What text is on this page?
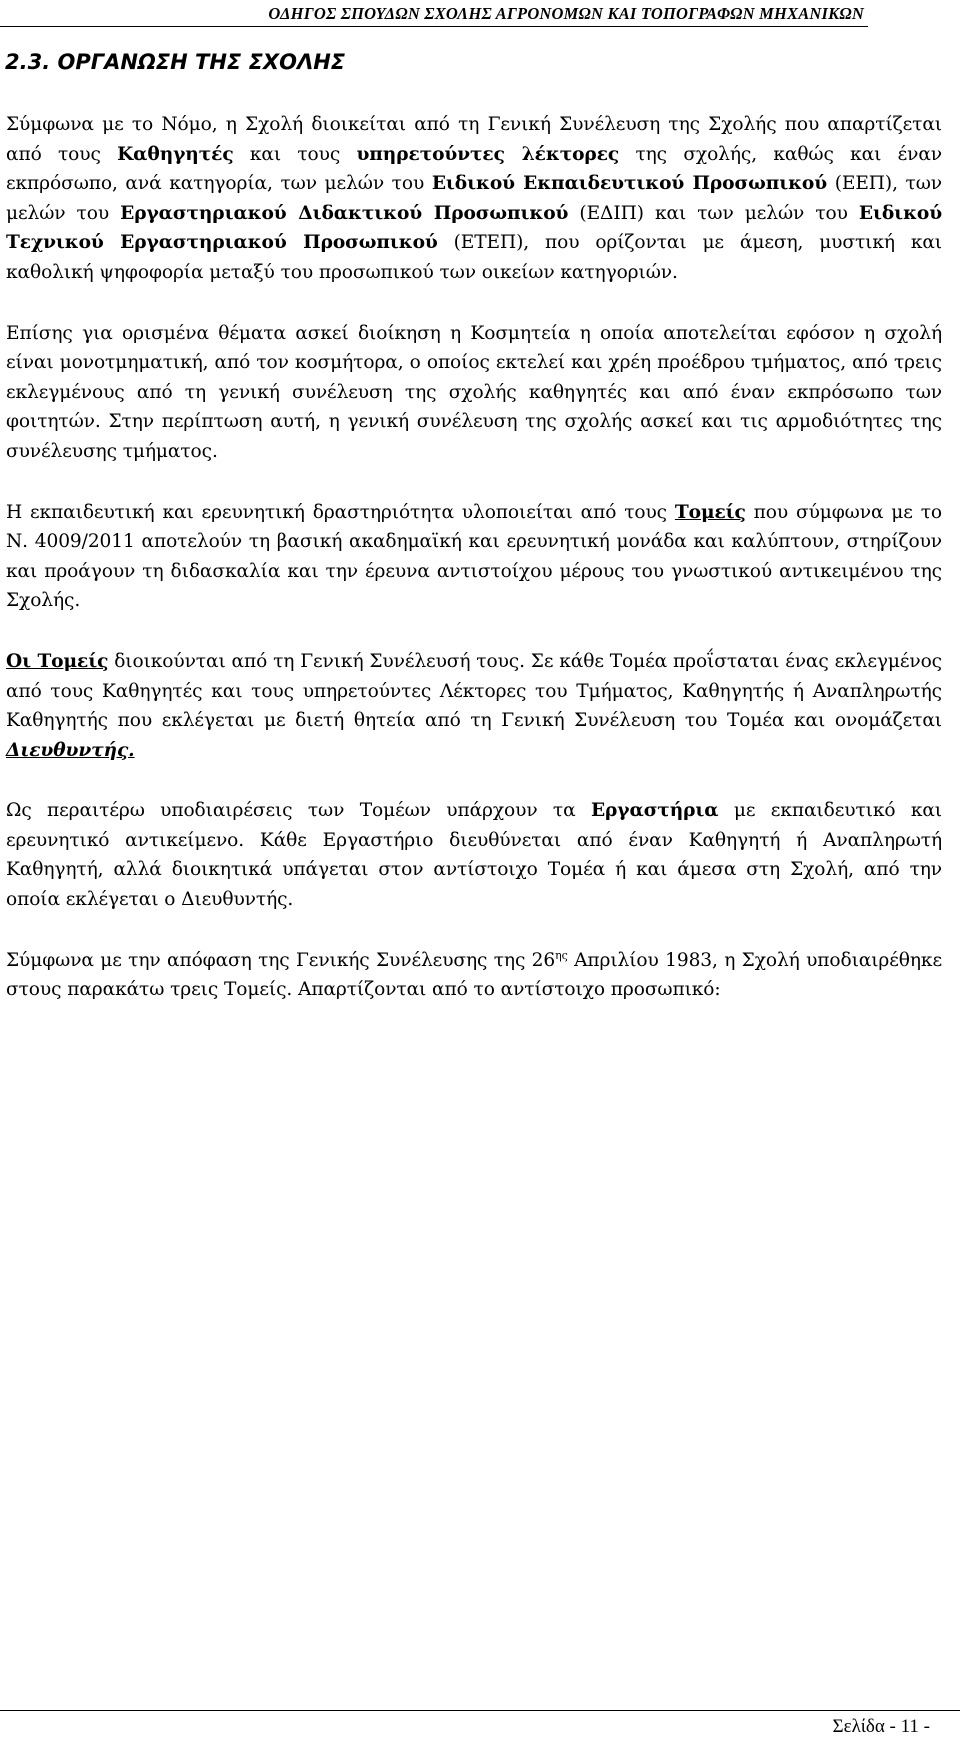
ΟΔΗΓΟΣ ΣΠΟΥΔΩΝ ΣΧΟΛΗΣ ΑΓΡΟΝΟΜΩΝ ΚΑΙ ΤΟΠΟΓΡΑΦΩΝ ΜΗΧΑΝΙΚΩΝ
2.3. ΟΡΓΑΝΩΣΗ ΤΗΣ ΣΧΟΛΗΣ

Σύμφωνα με το Νόμο, η Σχολή διοικείται από τη Γενική Συνέλευση της Σχολής που απαρτίζεται από τους Καθηγητές και τους υπηρετούντες λέκτορες της σχολής, καθώς και έναν εκπρόσωπο, ανά κατηγορία, των μελών του Ειδικού Εκπαιδευτικού Προσωπικού (ΕΕΠ), των μελών του Εργαστηριακού Διδακτικού Προσωπικού (ΕΔΙΠ) και των μελών του Ειδικού Τεχνικού Εργαστηριακού Προσωπικού (ΕΤΕΠ), που ορίζονται με άμεση, μυστική και καθολική ψηφοφορία μεταξύ του προσωπικού των οικείων κατηγοριών.

Επίσης για ορισμένα θέματα ασκεί διοίκηση η Κοσμητεία η οποία αποτελείται εφόσον η σχολή είναι μονοτμηματική, από τον κοσμήτορα, ο οποίος εκτελεί και χρέη προέδρου τμήματος, από τρεις εκλεγμένους από τη γενική συνέλευση της σχολής καθηγητές και από έναν εκπρόσωπο των φοιτητών. Στην περίπτωση αυτή, η γενική συνέλευση της σχολής ασκεί και τις αρμοδιότητες της συνέλευσης τμήματος.

Η εκπαιδευτική και ερευνητική δραστηριότητα υλοποιείται από τους Τομείς που σύμφωνα με το Ν. 4009/2011 αποτελούν τη βασική ακαδημαϊκή και ερευνητική μονάδα και καλύπτουν, στηρίζουν και προάγουν τη διδασκαλία και την έρευνα αντιστοίχου μέρους του γνωστικού αντικειμένου της Σχολής.

Οι Τομείς διοικούνται από τη Γενική Συνέλευσή τους. Σε κάθε Τομέα προΐσταται ένας εκλεγμένος από τους Καθηγητές και τους υπηρετούντες Λέκτορες του Τμήματος, Καθηγητής ή Αναπληρωτής Καθηγητής που εκλέγεται με διετή θητεία από τη Γενική Συνέλευση του Τομέα και ονομάζεται Διευθυντής.

Ως περαιτέρω υποδιαιρέσεις των Τομέων υπάρχουν τα Εργαστήρια με εκπαιδευτικό και ερευνητικό αντικείμενο. Κάθε Εργαστήριο διευθύνεται από έναν Καθηγητή ή Αναπληρωτή Καθηγητή, αλλά διοικητικά υπάγεται στον αντίστοιχο Τομέα ή και άμεσα στη Σχολή, από την οποία εκλέγεται ο Διευθυντής.

Σύμφωνα με την απόφαση της Γενικής Συνέλευσης της $26^{\eta\varsigma}$ Απριλίου 1983, η Σχολή υποδιαιρέθηκε στους παρακάτω τρεις Τομείς. Απαρτίζονται από το αντίστοιχο προσωπικό:

Σελίδα - 11 -
